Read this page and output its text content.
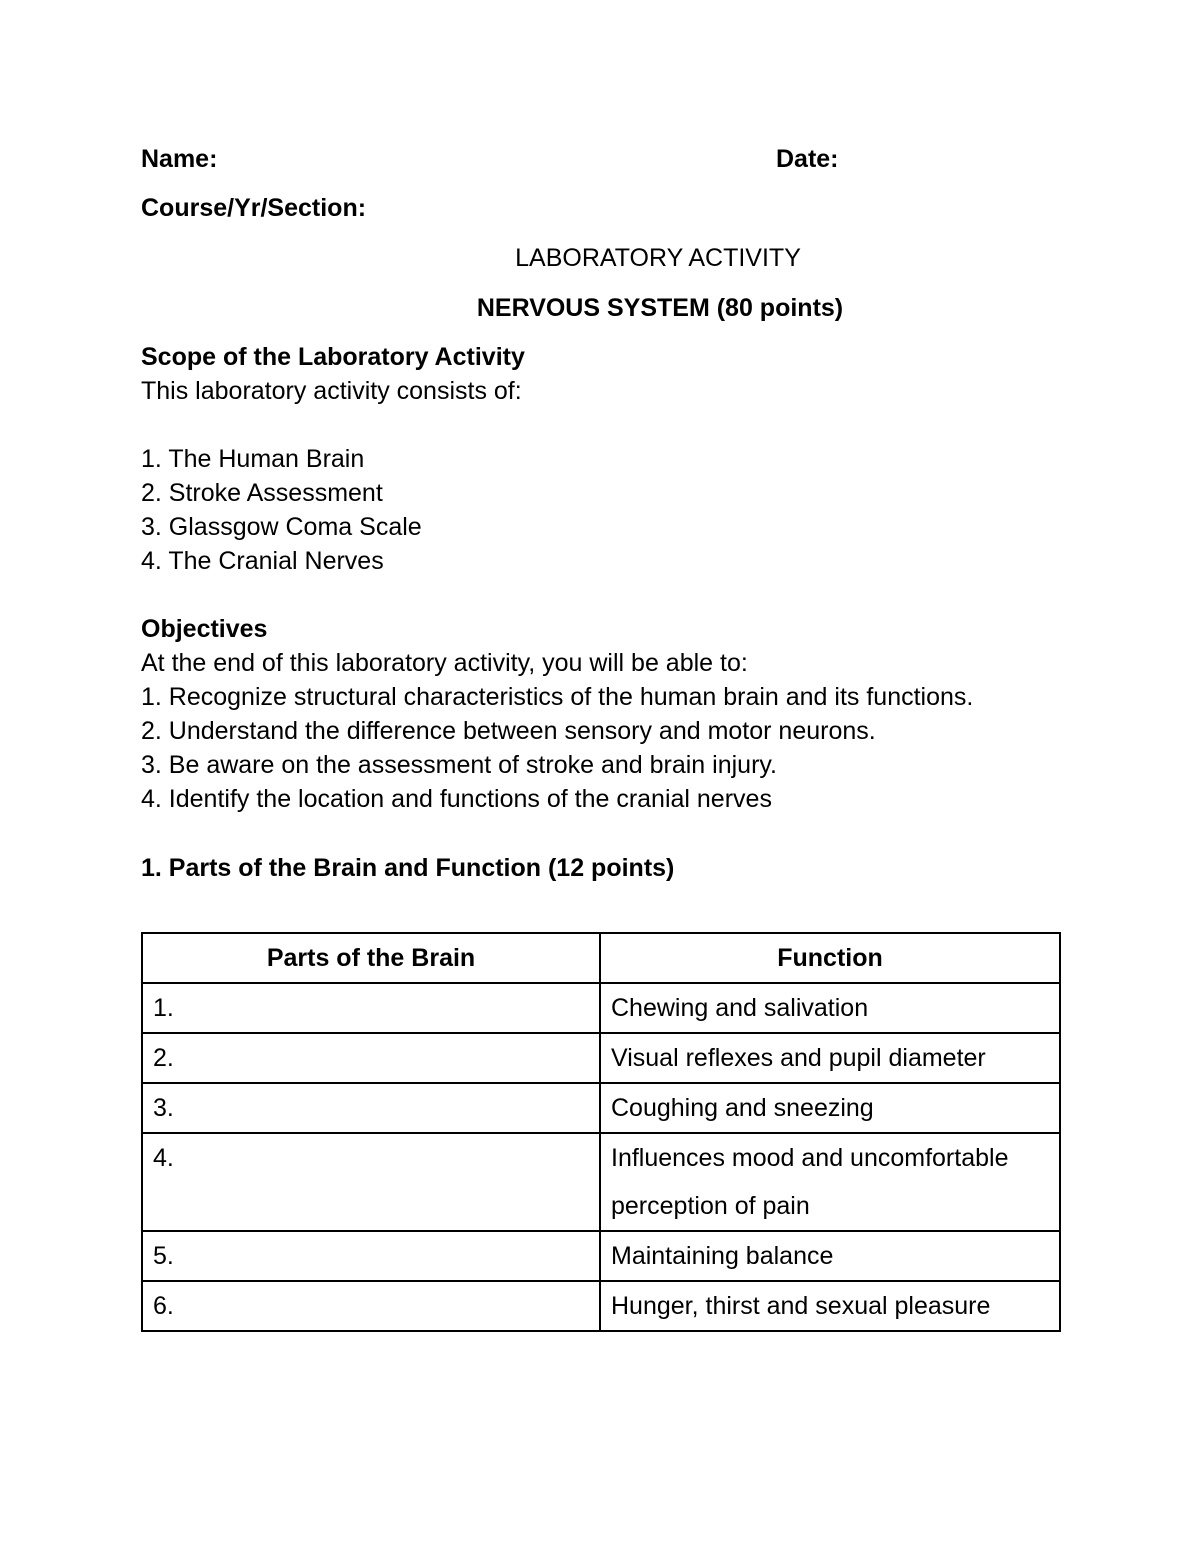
Name:	Date:
Course/Yr/Section:
LABORATORY ACTIVITY
NERVOUS SYSTEM (80 points)
Scope of the Laboratory Activity
This laboratory activity consists of:
1. The Human Brain
2. Stroke Assessment
3. Glassgow Coma Scale
4. The Cranial Nerves
Objectives
At the end of this laboratory activity, you will be able to:
1. Recognize structural characteristics of the human brain and its functions.
2. Understand the difference between sensory and motor neurons.
3. Be aware on the assessment of stroke and brain injury.
4. Identify the location and functions of the cranial nerves
1. Parts of the Brain and Function (12 points)
Parts of the Brain	Function
1.	Chewing and salivation
2.	Visual reflexes and pupil diameter
3.	Coughing and sneezing
4.	Influences mood and uncomfortable perception of pain
5.	Maintaining balance
6.	Hunger, thirst and sexual pleasure
